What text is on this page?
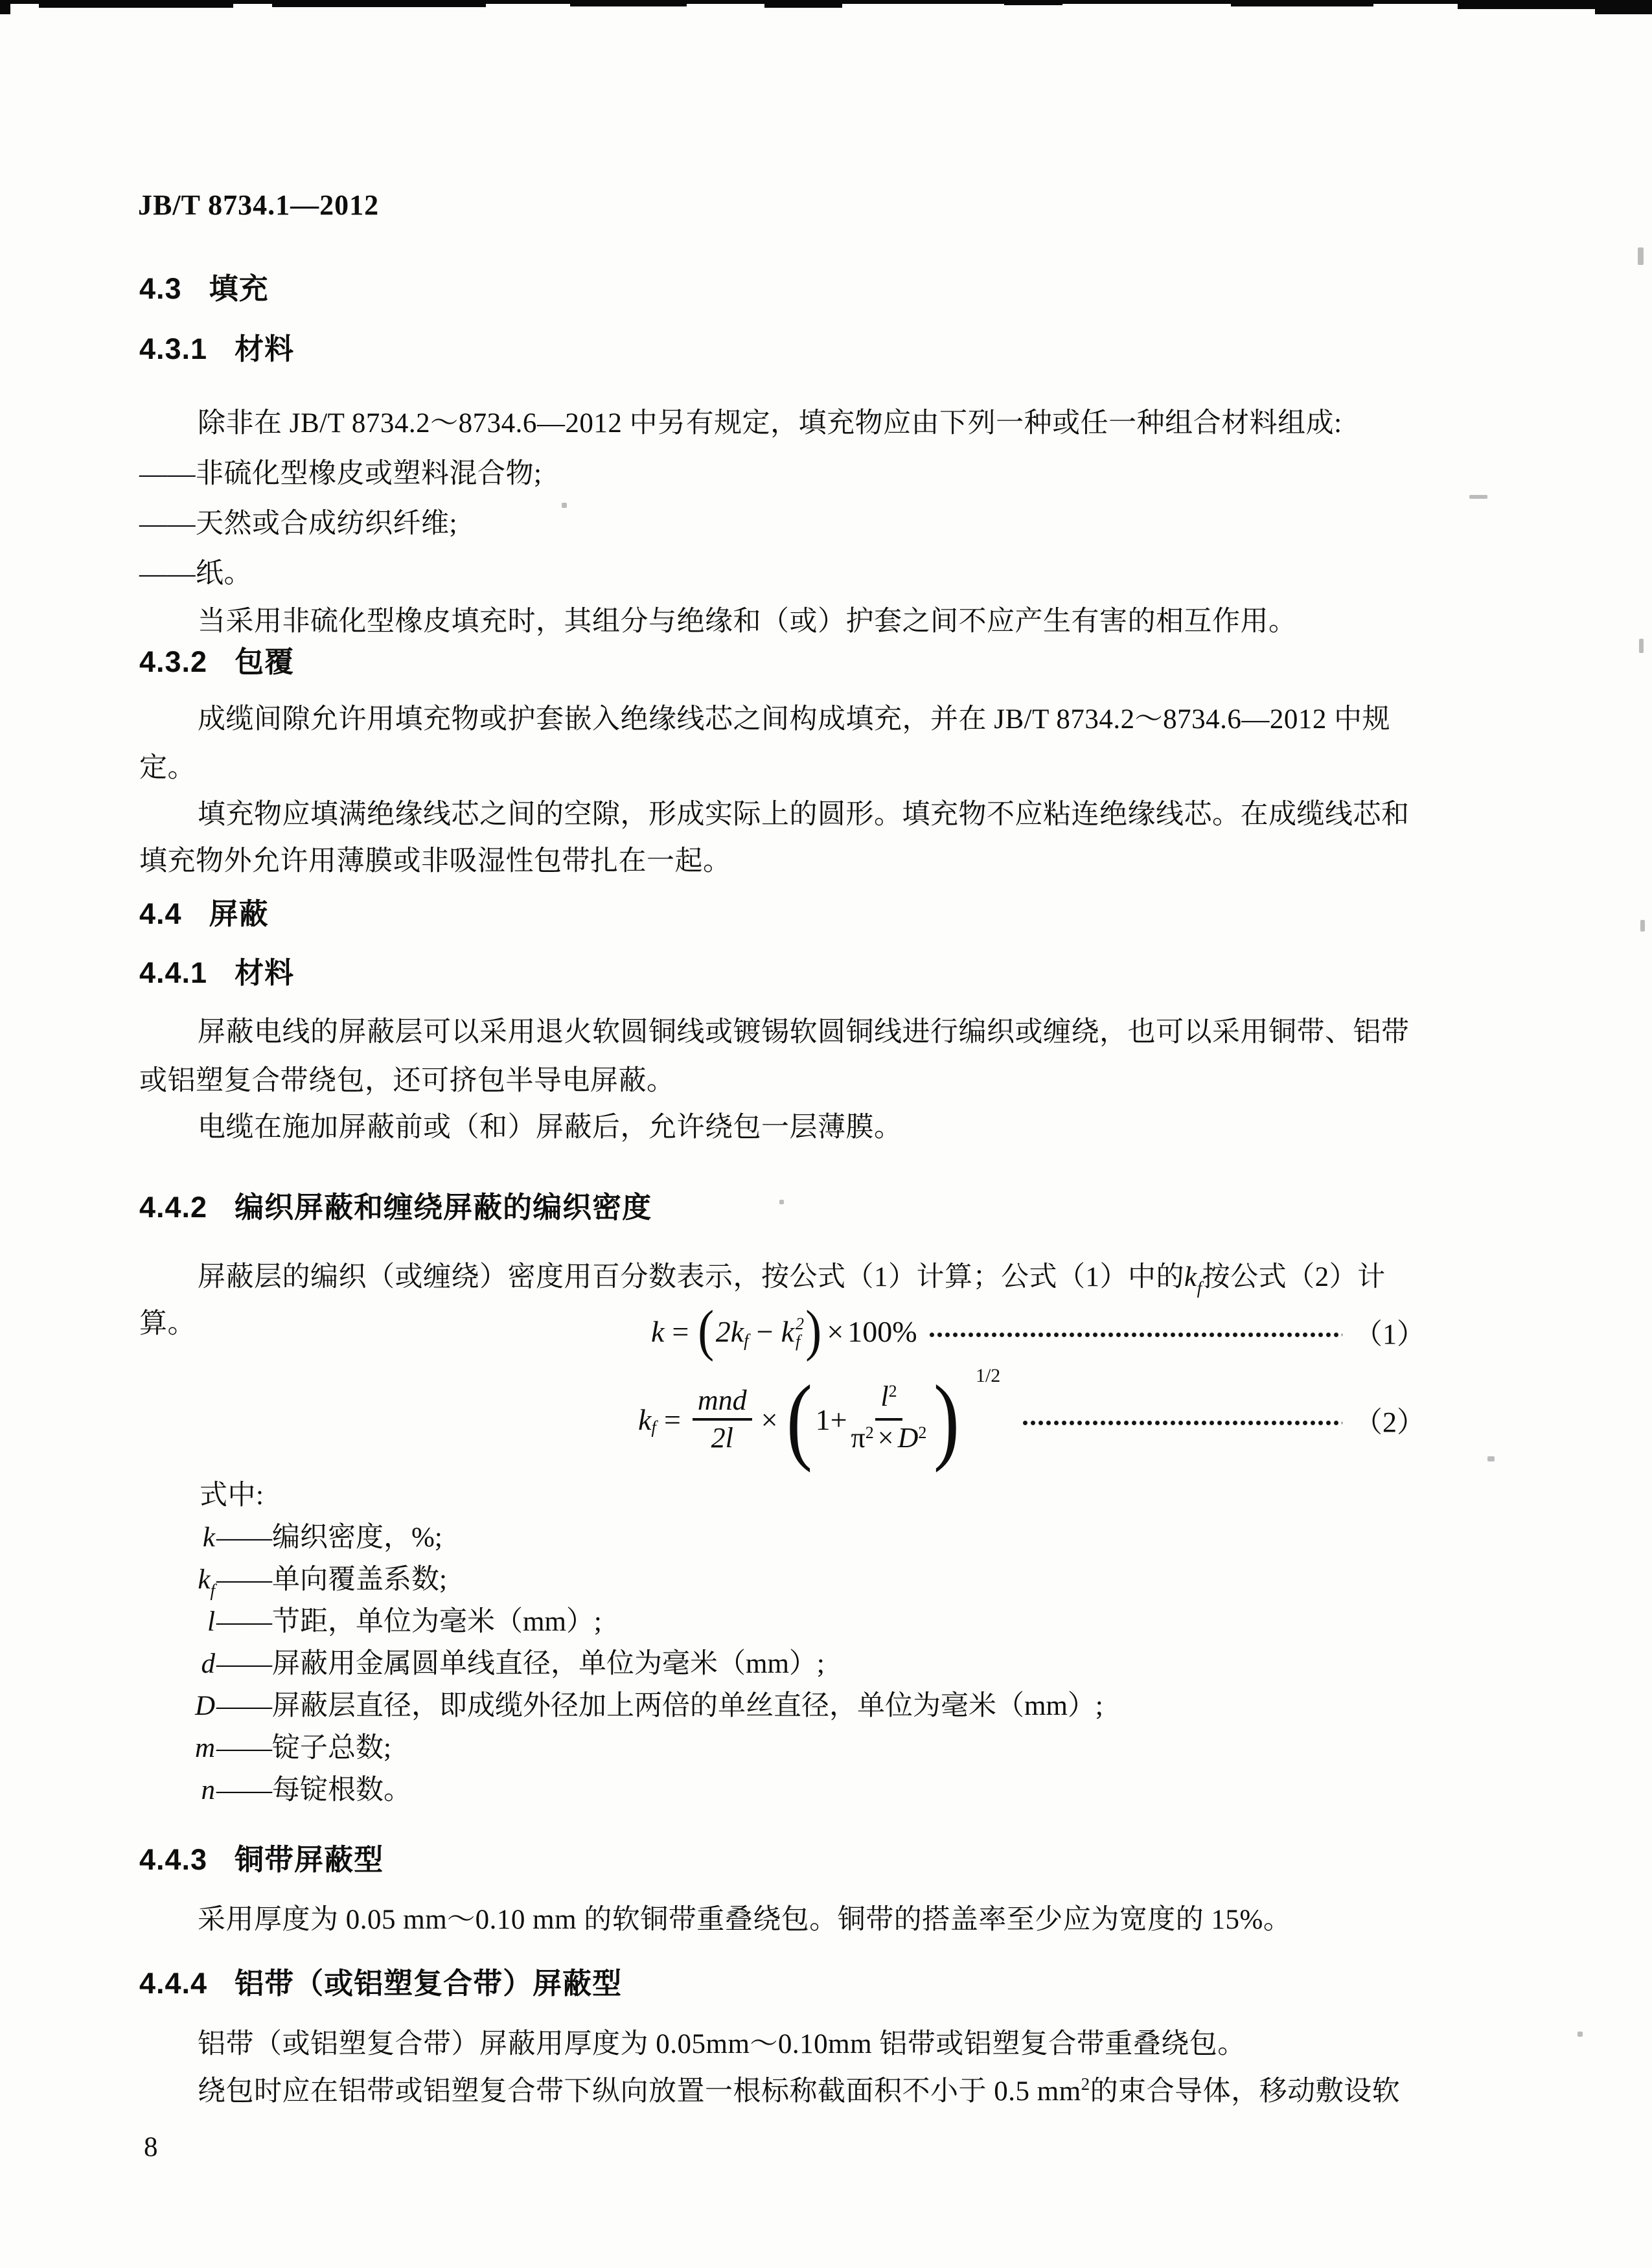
JB/T 8734.1—2012
4.3 填充
4.3.1 材料
除非在 JB/T 8734.2～8734.6—2012 中另有规定，填充物应由下列一种或任一种组合材料组成:
——非硫化型橡皮或塑料混合物;
——天然或合成纺织纤维;
——纸。
当采用非硫化型橡皮填充时，其组分与绝缘和（或）护套之间不应产生有害的相互作用。
4.3.2 包覆
成缆间隙允许用填充物或护套嵌入绝缘线芯之间构成填充，并在 JB/T 8734.2～8734.6—2012 中规
定。
填充物应填满绝缘线芯之间的空隙，形成实际上的圆形。填充物不应粘连绝缘线芯。在成缆线芯和
填充物外允许用薄膜或非吸湿性包带扎在一起。
4.4 屏蔽
4.4.1 材料
屏蔽电线的屏蔽层可以采用退火软圆铜线或镀锡软圆铜线进行编织或缠绕，也可以采用铜带、铝带
或铝塑复合带绕包，还可挤包半导电屏蔽。
电缆在施加屏蔽前或（和）屏蔽后，允许绕包一层薄膜。
4.4.2 编织屏蔽和缠绕屏蔽的编织密度
屏蔽层的编织（或缠绕）密度用百分数表示，按公式（1）计算；公式（1）中的$k_f$按公式（2）计
算。	k = ( 2k f − k 2
f ) × 100%	（1）
k $f = \frac{\text{mnd}}{2l}$ × ( $1+ \frac{l^2}{\pi^2 \times D^2}$ ) 1/2
（2）
式中:
k——编织密度，%;
$k_f——$单向覆盖系数;
l——节距，单位为毫米（mm）;
d——屏蔽用金属圆单线直径，单位为毫米（mm）;
D——屏蔽层直径，即成缆外径加上两倍的单丝直径，单位为毫米（mm）;
m——锭子总数;
n——每锭根数。
4.4.3 铜带屏蔽型
采用厚度为 0.05 mm～0.10 mm 的软铜带重叠绕包。铜带的搭盖率至少应为宽度的 15%。
4.4.4 铝带（或铝塑复合带）屏蔽型
铝带（或铝塑复合带）屏蔽用厚度为 0.05mm～0.10mm 铝带或铝塑复合带重叠绕包。
绕包时应在铝带或铝塑复合带下纵向放置一根标称截面积不小于 0.5 $mm^2$的束合导体，移动敷设软
8
